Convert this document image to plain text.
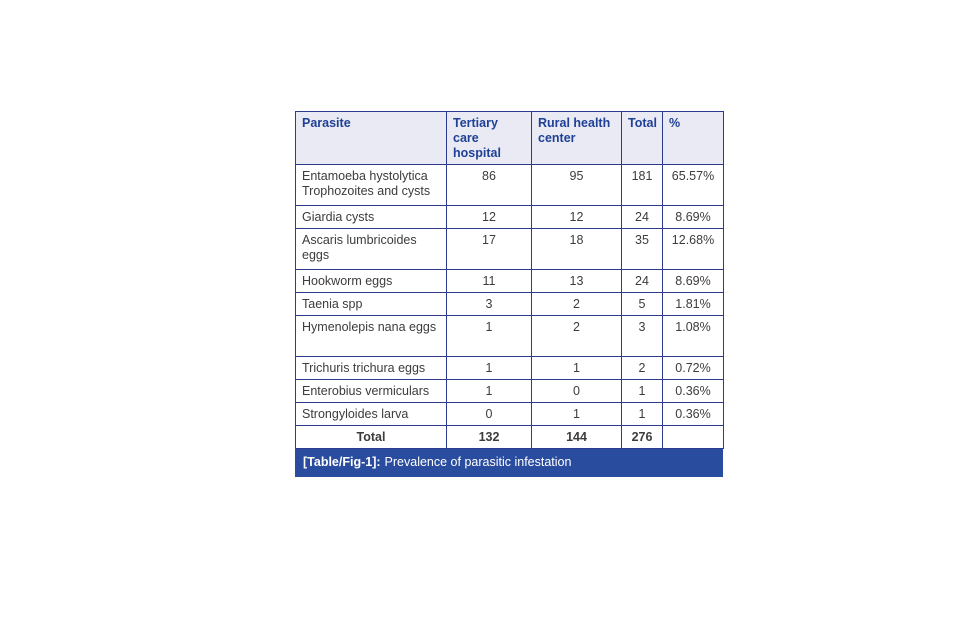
Parasite	Tertiary care hospital	Rural health center	Total	%
Entamoeba hystolytica Trophozoites and cysts	86	95	181	65.57%
Giardia cysts	12	12	24	8.69%
Ascaris lumbricoides eggs	17	18	35	12.68%
Hookworm eggs	11	13	24	8.69%
Taenia spp	3	2	5	1.81%
Hymenolepis nana eggs	1	2	3	1.08%
Trichuris trichura eggs	1	1	2	0.72%
Enterobius vermiculars	1	0	1	0.36%
Strongyloides larva	0	1	1	0.36%
Total	132	144	276	
[Table/Fig-1]: Prevalence of parasitic infestation
